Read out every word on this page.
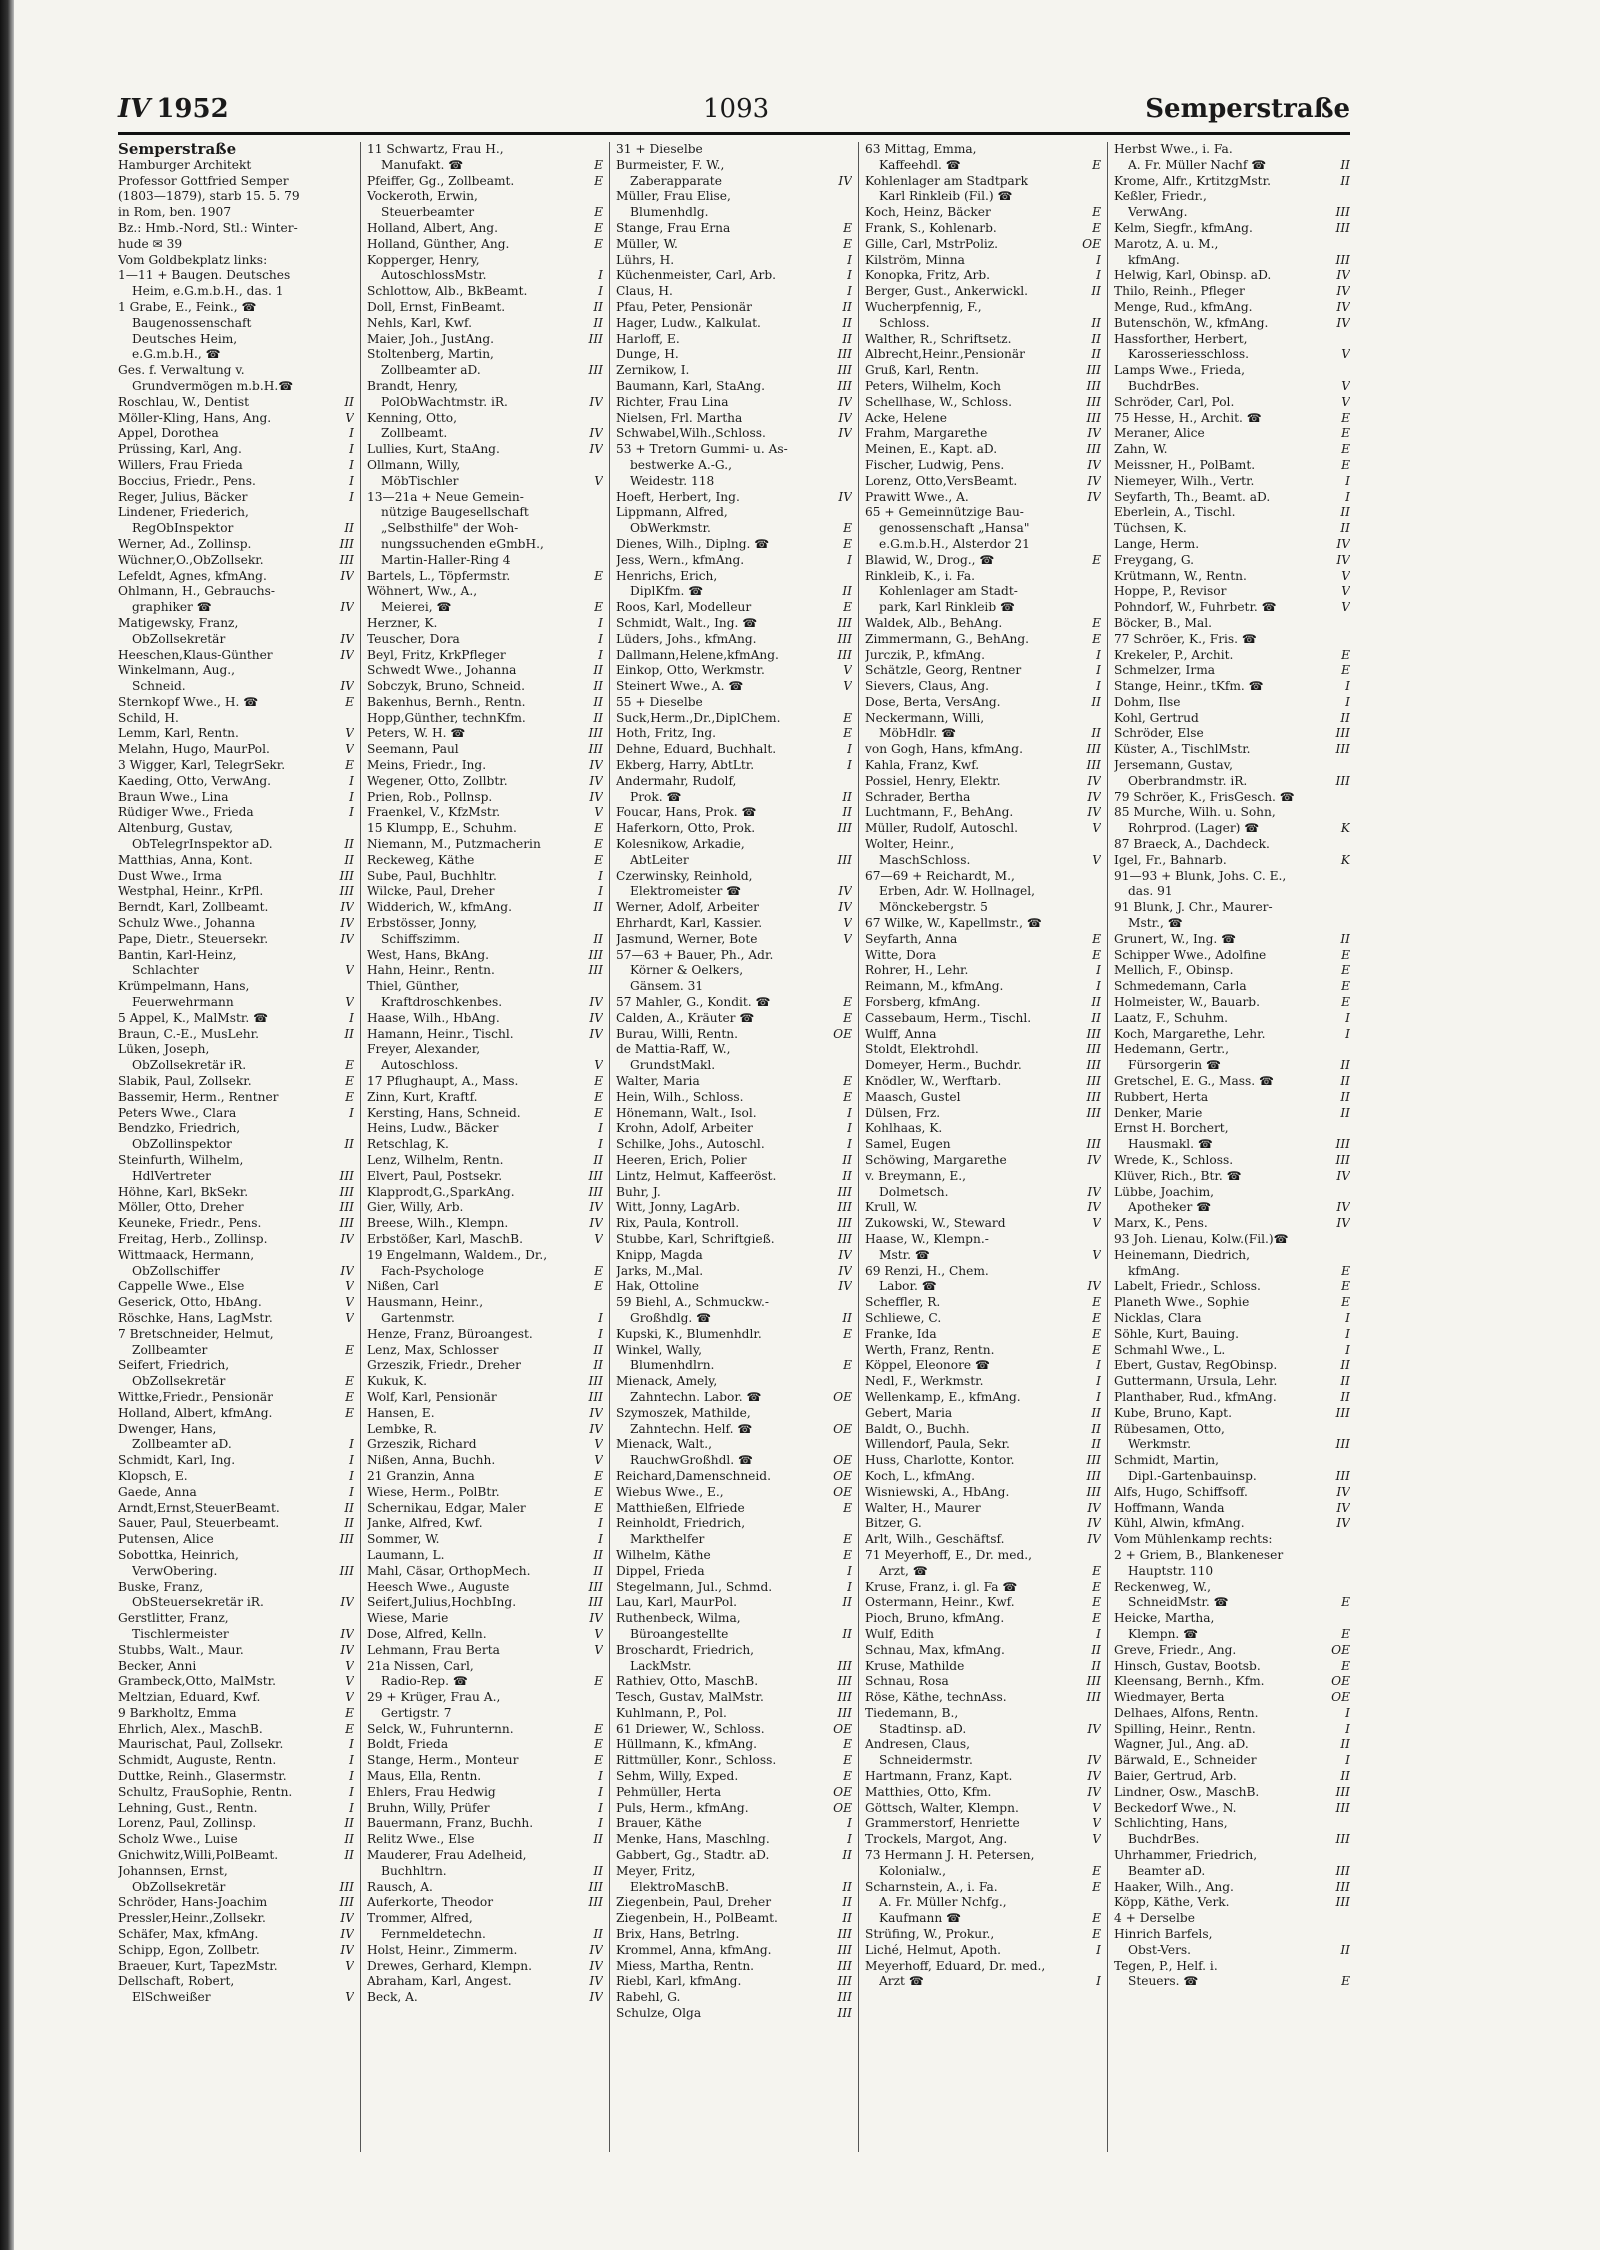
IV 1952	1093	Semperstraße
Semperstraße
Hamburger Architekt
Professor Gottfried Semper
(1803—1879), starb 15. 5. 79
in Rom, ben. 1907
Bz.: Hmb.-Nord, Stl.: Winter-
hude ✉ 39
Vom Goldbekplatz links:
1—11 + Baugen. Deutsches
Heim, e.G.m.b.H., das. 1
1 Grabe, E., Feink., ☎
Baugenossenschaft
Deutsches Heim,
e.G.m.b.H., ☎
Ges. f. Verwaltung v.
Grundvermögen m.b.H.☎
Roschlau, W., Dentist	II
Möller-Kling, Hans, Ang.	V
Appel, Dorothea	I
Prüssing, Karl, Ang.	I
Willers, Frau Frieda	I
Boccius, Friedr., Pens.	I
Reger, Julius, Bäcker	I
Lindener, Friederich,
RegObInspektor	II
Werner, Ad., Zollinsp.	III
Wüchner,O.,ObZollsekr.	III
Lefeldt, Agnes, kfmAng.	IV
Ohlmann, H., Gebrauchs-
graphiker ☎	IV
Matigewsky, Franz,
ObZollsekretär	IV
Heeschen,Klaus-Günther	IV
Winkelmann, Aug.,
Schneid.	IV
Sternkopf Wwe., H. ☎	E
Schild, H.
Lemm, Karl, Rentn.	V
Melahn, Hugo, MaurPol.	V
3 Wigger, Karl, TelegrSekr.	E
Kaeding, Otto, VerwAng.	I
Braun Wwe., Lina	I
Rüdiger Wwe., Frieda	I
Altenburg, Gustav,
ObTelegrInspektor aD.	II
Matthias, Anna, Kont.	II
Dust Wwe., Irma	III
Westphal, Heinr., KrPfl.	III
Berndt, Karl, Zollbeamt.	IV
Schulz Wwe., Johanna	IV
Pape, Dietr., Steuersekr.	IV
Bantin, Karl-Heinz,
Schlachter	V
Krümpelmann, Hans,
Feuerwehrmann	V
5 Appel, K., MalMstr. ☎	I
Braun, C.-E., MusLehr.	II
Lüken, Joseph,
ObZollsekretär iR.	E
Slabik, Paul, Zollsekr.	E
Bassemir, Herm., Rentner	E
Peters Wwe., Clara	I
Bendzko, Friedrich,
ObZollinspektor	II
Steinfurth, Wilhelm,
HdlVertreter	III
Höhne, Karl, BkSekr.	III
Möller, Otto, Dreher	III
Keuneke, Friedr., Pens.	III
Freitag, Herb., Zollinsp.	IV
Wittmaack, Hermann,
ObZollschiffer	IV
Cappelle Wwe., Else	V
Geserick, Otto, HbAng.	V
Röschke, Hans, LagMstr.	V
7 Bretschneider, Helmut,
Zollbeamter	E
Seifert, Friedrich,
ObZollsekretär	E
Wittke,Friedr., Pensionär	E
Holland, Albert, kfmAng.	E
Dwenger, Hans,
Zollbeamter aD.	I
Schmidt, Karl, Ing.	I
Klopsch, E.	I
Gaede, Anna	I
Arndt,Ernst,SteuerBeamt.	II
Sauer, Paul, Steuerbeamt.	II
Putensen, Alice	III
Sobottka, Heinrich,
VerwObering.	III
Buske, Franz,
ObSteuersekretär iR.	IV
Gerstlitter, Franz,
Tischlermeister	IV
Stubbs, Walt., Maur.	IV
Becker, Anni	V
Grambeck,Otto, MalMstr.	V
Meltzian, Eduard, Kwf.	V
9 Barkholtz, Emma	E
Ehrlich, Alex., MaschB.	E
Maurischat, Paul, Zollsekr.	I
Schmidt, Auguste, Rentn.	I
Duttke, Reinh., Glasermstr.	I
Schultz, FrauSophie, Rentn.	I
Lehning, Gust., Rentn.	I
Lorenz, Paul, Zollinsp.	II
Scholz Wwe., Luise	II
Gnichwitz,Willi,PolBeamt.	II
Johannsen, Ernst,
ObZollsekretär	III
Schröder, Hans-Joachim	III
Pressler,Heinr.,Zollsekr.	IV
Schäfer, Max, kfmAng.	IV
Schipp, Egon, Zollbetr.	IV
Braeuer, Kurt, TapezMstr.	V
Dellschaft, Robert,
ElSchweißer	V
11 Schwartz, Frau H.,
Manufakt. ☎	E
Pfeiffer, Gg., Zollbeamt.	E
Vockeroth, Erwin,
Steuerbeamter	E
Holland, Albert, Ang.	E
Holland, Günther, Ang.	E
Kopperger, Henry,
AutoschlossMstr.	I
Schlottow, Alb., BkBeamt.	I
Doll, Ernst, FinBeamt.	II
Nehls, Karl, Kwf.	II
Maier, Joh., JustAng.	III
Stoltenberg, Martin,
Zollbeamter aD.	III
Brandt, Henry,
PolObWachtmstr. iR.	IV
Kenning, Otto,
Zollbeamt.	IV
Lullies, Kurt, StaAng.	IV
Ollmann, Willy,
MöbTischler	V
13—21a + Neue Gemein-
nützige Baugesellschaft
„Selbsthilfe" der Woh-
nungssuchenden eGmbH.,
Martin-Haller-Ring 4
Bartels, L., Töpfermstr.	E
Wöhnert, Ww., A.,
Meierei, ☎	E
Herzner, K.	I
Teuscher, Dora	I
Beyl, Fritz, KrkPfleger	I
Schwedt Wwe., Johanna	II
Sobczyk, Bruno, Schneid.	II
Bakenhus, Bernh., Rentn.	II
Hopp,Günther, technKfm.	II
Peters, W. H. ☎	III
Seemann, Paul	III
Meins, Friedr., Ing.	IV
Wegener, Otto, Zollbtr.	IV
Prien, Rob., Pollnsp.	IV
Fraenkel, V., KfzMstr.	V
15 Klumpp, E., Schuhm.	E
Niemann, M., Putzmacherin	E
Reckeweg, Käthe	E
Sube, Paul, Buchhltr.	I
Wilcke, Paul, Dreher	I
Widderich, W., kfmAng.	II
Erbstösser, Jonny,
Schiffszimm.	II
West, Hans, BkAng.	III
Hahn, Heinr., Rentn.	III
Thiel, Günther,
Kraftdroschkenbes.	IV
Haase, Wilh., HbAng.	IV
Hamann, Heinr., Tischl.	IV
Freyer, Alexander,
Autoschloss.	V
17 Pflughaupt, A., Mass.	E
Zinn, Kurt, Kraftf.	E
Kersting, Hans, Schneid.	E
Heins, Ludw., Bäcker	I
Retschlag, K.	I
Lenz, Wilhelm, Rentn.	II
Elvert, Paul, Postsekr.	III
Klapprodt,G.,SparkAng.	III
Gier, Willy, Arb.	IV
Breese, Wilh., Klempn.	IV
Erbstößer, Karl, MaschB.	V
19 Engelmann, Waldem., Dr.,
Fach-Psychologe	E
Nißen, Carl	E
Hausmann, Heinr.,
Gartenmstr.	I
Henze, Franz, Büroangest.	I
Lenz, Max, Schlosser	II
Grzeszik, Friedr., Dreher	II
Kukuk, K.	III
Wolf, Karl, Pensionär	III
Hansen, E.	IV
Lembke, R.	IV
Grzeszik, Richard	V
Nißen, Anna, Buchh.	V
21 Granzin, Anna	E
Wiese, Herm., PolBtr.	E
Schernikau, Edgar, Maler	E
Janke, Alfred, Kwf.	I
Sommer, W.	I
Laumann, L.	II
Mahl, Cäsar, OrthopMech.	II
Heesch Wwe., Auguste	III
Seifert,Julius,HochbIng.	III
Wiese, Marie	IV
Dose, Alfred, Kelln.	V
Lehmann, Frau Berta	V
21a Nissen, Carl,
Radio-Rep. ☎	E
29 + Krüger, Frau A.,
Gertigstr. 7
Selck, W., Fuhrunternn.	E
Boldt, Frieda	E
Stange, Herm., Monteur	E
Maus, Ella, Rentn.	I
Ehlers, Frau Hedwig	I
Bruhn, Willy, Prüfer	I
Bauermann, Franz, Buchh.	I
Relitz Wwe., Else	II
Mauderer, Frau Adelheid,
Buchhltrn.	II
Rausch, A.	III
Auferkorte, Theodor	III
Trommer, Alfred,
Fernmeldetechn.	II
Holst, Heinr., Zimmerm.	IV
Drewes, Gerhard, Klempn.	IV
Abraham, Karl, Angest.	IV
Beck, A.	IV
31 + Dieselbe
Burmeister, F. W.,
Zaberapparate	IV
Müller, Frau Elise,
Blumenhdlg.
Stange, Frau Erna	E
Müller, W.	E
Lührs, H.	I
Küchenmeister, Carl, Arb.	I
Claus, H.	I
Pfau, Peter, Pensionär	II
Hager, Ludw., Kalkulat.	II
Harloff, E.	II
Dunge, H.	III
Zernikow, I.	III
Baumann, Karl, StaAng.	III
Richter, Frau Lina	IV
Nielsen, Frl. Martha	IV
Schwabel,Wilh.,Schloss.	IV
53 + Tretorn Gummi- u. As-
bestwerke A.-G.,
Weidestr. 118
Hoeft, Herbert, Ing.	IV
Lippmann, Alfred,
ObWerkmstr.	E
Dienes, Wilh., Diplng. ☎	E
Jess, Wern., kfmAng.	I
Henrichs, Erich,
DiplKfm. ☎	II
Roos, Karl, Modelleur	E
Schmidt, Walt., Ing. ☎	III
Lüders, Johs., kfmAng.	III
Dallmann,Helene,kfmAng.	III
Einkop, Otto, Werkmstr.	V
Steinert Wwe., A. ☎	V
55 + Dieselbe
Suck,Herm.,Dr.,DiplChem.	E
Hoth, Fritz, Ing.	E
Dehne, Eduard, Buchhalt.	I
Ekberg, Harry, AbtLtr.	I
Andermahr, Rudolf,
Prok. ☎	II
Foucar, Hans, Prok. ☎	II
Haferkorn, Otto, Prok.	III
Kolesnikow, Arkadie,
AbtLeiter	III
Czerwinsky, Reinhold,
Elektromeister ☎	IV
Werner, Adolf, Arbeiter	IV
Ehrhardt, Karl, Kassier.	V
Jasmund, Werner, Bote	V
57—63 + Bauer, Ph., Adr.
Körner & Oelkers,
Gänsem. 31
57 Mahler, G., Kondit. ☎	E
Calden, A., Kräuter ☎	E
Burau, Willi, Rentn.	OE
de Mattia-Raff, W.,
GrundstMakl.
Walter, Maria	E
Hein, Wilh., Schloss.	E
Hönemann, Walt., Isol.	I
Krohn, Adolf, Arbeiter	I
Schilke, Johs., Autoschl.	I
Heeren, Erich, Polier	II
Lintz, Helmut, Kaffeeröst.	II
Buhr, J.	III
Witt, Jonny, LagArb.	III
Rix, Paula, Kontroll.	III
Stubbe, Karl, Schriftgieß.	III
Knipp, Magda	IV
Jarks, M.,Mal.	IV
Hak, Ottoline	IV
59 Biehl, A., Schmuckw.-
Großhdlg. ☎	II
Kupski, K., Blumenhdlr.	E
Winkel, Wally,
Blumenhdlrn.	E
Mienack, Amely,
Zahntechn. Labor. ☎	OE
Szymoszek, Mathilde,
Zahntechn. Helf. ☎	OE
Mienack, Walt.,
RauchwGroßhdl. ☎	OE
Reichard,Damenschneid.	OE
Wiebus Wwe., E.,	OE
Matthießen, Elfriede	E
Reinholdt, Friedrich,
Markthelfer	E
Wilhelm, Käthe	E
Dippel, Frieda	I
Stegelmann, Jul., Schmd.	I
Lau, Karl, MaurPol.	II
Ruthenbeck, Wilma,
Büroangestellte	II
Broschardt, Friedrich,
LackMstr.	III
Rathiev, Otto, MaschB.	III
Tesch, Gustav, MalMstr.	III
Kuhlmann, P., Pol.	III
61 Driewer, W., Schloss.	OE
Hüllmann, K., kfmAng.	E
Rittmüller, Konr., Schloss.	E
Sehm, Willy, Exped.	E
Pehmüller, Herta	OE
Puls, Herm., kfmAng.	OE
Brauer, Käthe	I
Menke, Hans, Maschlng.	I
Gabbert, Gg., Stadtr. aD.	II
Meyer, Fritz,
ElektroMaschB.	II
Ziegenbein, Paul, Dreher	II
Ziegenbein, H., PolBeamt.	II
Brix, Hans, Betrlng.	III
Krommel, Anna, kfmAng.	III
Miess, Martha, Rentn.	III
Riebl, Karl, kfmAng.	III
Rabehl, G.	III
Schulze, Olga	III
63 Mittag, Emma,
Kaffeehdl. ☎	E
Kohlenlager am Stadtpark
Karl Rinkleib (Fil.) ☎
Koch, Heinz, Bäcker	E
Frank, S., Kohlenarb.	E
Gille, Carl, MstrPoliz.	OE
Kilström, Minna	I
Konopka, Fritz, Arb.	I
Berger, Gust., Ankerwickl.	II
Wucherpfennig, F.,
Schloss.	II
Walther, R., Schriftsetz.	II
Albrecht,Heinr.,Pensionär	II
Gruß, Karl, Rentn.	III
Peters, Wilhelm, Koch	III
Schellhase, W., Schloss.	III
Acke, Helene	III
Frahm, Margarethe	IV
Meinen, E., Kapt. aD.	III
Fischer, Ludwig, Pens.	IV
Lorenz, Otto,VersBeamt.	IV
Prawitt Wwe., A.	IV
65 + Gemeinnützige Bau-
genossenschaft „Hansa"
e.G.m.b.H., Alsterdor 21
Blawid, W., Drog., ☎	E
Rinkleib, K., i. Fa.
Kohlenlager am Stadt-
park, Karl Rinkleib ☎
Waldek, Alb., BehAng.	E
Zimmermann, G., BehAng.	E
Jurczik, P., kfmAng.	I
Schätzle, Georg, Rentner	I
Sievers, Claus, Ang.	I
Dose, Berta, VersAng.	II
Neckermann, Willi,
MöbHdlr. ☎	II
von Gogh, Hans, kfmAng.	III
Kahla, Franz, Kwf.	III
Possiel, Henry, Elektr.	IV
Schrader, Bertha	IV
Luchtmann, F., BehAng.	IV
Müller, Rudolf, Autoschl.	V
Wolter, Heinr.,
MaschSchloss.	V
67—69 + Reichardt, M.,
Erben, Adr. W. Hollnagel,
Mönckebergstr. 5
67 Wilke, W., Kapellmstr., ☎
Seyfarth, Anna	E
Witte, Dora	E
Rohrer, H., Lehr.	I
Reimann, M., kfmAng.	I
Forsberg, kfmAng.	II
Cassebaum, Herm., Tischl.	II
Wulff, Anna	III
Stoldt, Elektrohdl.	III
Domeyer, Herm., Buchdr.	III
Knödler, W., Werftarb.	III
Maasch, Gustel	III
Dülsen, Frz.	III
Kohlhaas, K.
Samel, Eugen	III
Schöwing, Margarethe	IV
v. Breymann, E.,
Dolmetsch.	IV
Krull, W.	IV
Zukowski, W., Steward	V
Haase, W., Klempn.-
Mstr. ☎	V
69 Renzi, H., Chem.
Labor. ☎	IV
Scheffler, R.	E
Schliewe, C.	E
Franke, Ida	E
Werth, Franz, Rentn.	E
Köppel, Eleonore ☎	I
Nedl, F., Werkmstr.	I
Wellenkamp, E., kfmAng.	I
Gebert, Maria	II
Baldt, O., Buchh.	II
Willendorf, Paula, Sekr.	II
Huss, Charlotte, Kontor.	III
Koch, L., kfmAng.	III
Wisniewski, A., HbAng.	III
Walter, H., Maurer	IV
Bitzer, G.	IV
Arlt, Wilh., Geschäftsf.	IV
71 Meyerhoff, E., Dr. med.,
Arzt, ☎	E
Kruse, Franz, i. gl. Fa ☎	E
Ostermann, Heinr., Kwf.	E
Pioch, Bruno, kfmAng.	E
Wulf, Edith	I
Schnau, Max, kfmAng.	II
Kruse, Mathilde	II
Schnau, Rosa	III
Röse, Käthe, technAss.	III
Tiedemann, B.,
Stadtinsp. aD.	IV
Andresen, Claus,
Schneidermstr.	IV
Hartmann, Franz, Kapt.	IV
Matthies, Otto, Kfm.	IV
Göttsch, Walter, Klempn.	V
Grammerstorf, Henriette	V
Trockels, Margot, Ang.	V
73 Hermann J. H. Petersen,
Kolonialw.,	E
Scharnstein, A., i. Fa.	E
A. Fr. Müller Nchfg.,
Kaufmann ☎	E
Strüfing, W., Prokur.,	E
Liché, Helmut, Apoth.	I
Meyerhoff, Eduard, Dr. med.,
Arzt ☎	I
Herbst Wwe., i. Fa.
A. Fr. Müller Nachf ☎	II
Krome, Alfr., KrtitzgMstr.	II
Keßler, Friedr.,
VerwAng.	III
Kelm, Siegfr., kfmAng.	III
Marotz, A. u. M.,
kfmAng.	III
Helwig, Karl, Obinsp. aD.	IV
Thilo, Reinh., Pfleger	IV
Menge, Rud., kfmAng.	IV
Butenschön, W., kfmAng.	IV
Hassforther, Herbert,
Karosseriesschloss.	V
Lamps Wwe., Frieda,
BuchdrBes.	V
Schröder, Carl, Pol.	V
75 Hesse, H., Archit. ☎	E
Meraner, Alice	E
Zahn, W.	E
Meissner, H., PolBamt.	E
Niemeyer, Wilh., Vertr.	I
Seyfarth, Th., Beamt. aD.	I
Eberlein, A., Tischl.	II
Tüchsen, K.	II
Lange, Herm.	IV
Freygang, G.	IV
Krütmann, W., Rentn.	V
Hoppe, P., Revisor	V
Pohndorf, W., Fuhrbetr. ☎	V
Böcker, B., Mal.
77 Schröer, K., Fris. ☎
Krekeler, P., Archit.	E
Schmelzer, Irma	E
Stange, Heinr., tKfm. ☎	I
Dohm, Ilse	I
Kohl, Gertrud	II
Schröder, Else	III
Küster, A., TischlMstr.	III
Jersemann, Gustav,
Oberbrandmstr. iR.	III
79 Schröer, K., FrisGesch. ☎
85 Murche, Wilh. u. Sohn,
Rohrprod. (Lager) ☎	K
87 Braeck, A., Dachdeck.
Igel, Fr., Bahnarb.	K
91—93 + Blunk, Johs. C. E.,
das. 91
91 Blunk, J. Chr., Maurer-
Mstr., ☎
Grunert, W., Ing. ☎	II
Schipper Wwe., Adolfine	E
Mellich, F., Obinsp.	E
Schmedemann, Carla	E
Holmeister, W., Bauarb.	E
Laatz, F., Schuhm.	I
Koch, Margarethe, Lehr.	I
Hedemann, Gertr.,
Fürsorgerin ☎	II
Gretschel, E. G., Mass. ☎	II
Rubbert, Herta	II
Denker, Marie	II
Ernst H. Borchert,
Hausmakl. ☎	III
Wrede, K., Schloss.	III
Klüver, Rich., Btr. ☎	IV
Lübbe, Joachim,
Apotheker ☎	IV
Marx, K., Pens.	IV
93 Joh. Lienau, Kolw.(Fil.)☎
Heinemann, Diedrich,
kfmAng.	E
Labelt, Friedr., Schloss.	E
Planeth Wwe., Sophie	E
Nicklas, Clara	I
Söhle, Kurt, Bauing.	I
Schmahl Wwe., L.	I
Ebert, Gustav, RegObinsp.	II
Guttermann, Ursula, Lehr.	II
Planthaber, Rud., kfmAng.	II
Kube, Bruno, Kapt.	III
Rübesamen, Otto,
Werkmstr.	III
Schmidt, Martin,
Dipl.-Gartenbauinsp.	III
Alfs, Hugo, Schiffsoff.	IV
Hoffmann, Wanda	IV
Kühl, Alwin, kfmAng.	IV
Vom Mühlenkamp rechts:
2 + Griem, B., Blankeneser
Hauptstr. 110
Reckenweg, W.,
SchneidMstr. ☎	E
Heicke, Martha,
Klempn. ☎	E
Greve, Friedr., Ang.	OE
Hinsch, Gustav, Bootsb.	E
Kleensang, Bernh., Kfm.	OE
Wiedmayer, Berta	OE
Delhaes, Alfons, Rentn.	I
Spilling, Heinr., Rentn.	I
Wagner, Jul., Ang. aD.	II
Bärwald, E., Schneider	I
Baier, Gertrud, Arb.	II
Lindner, Osw., MaschB.	III
Beckedorf Wwe., N.	III
Schlichting, Hans,
BuchdrBes.	III
Uhrhammer, Friedrich,
Beamter aD.	III
Haaker, Wilh., Ang.	III
Köpp, Käthe, Verk.	III
4 + Derselbe
Hinrich Barfels,
Obst-Vers.	II
Tegen, P., Helf. i.
Steuers. ☎	E
